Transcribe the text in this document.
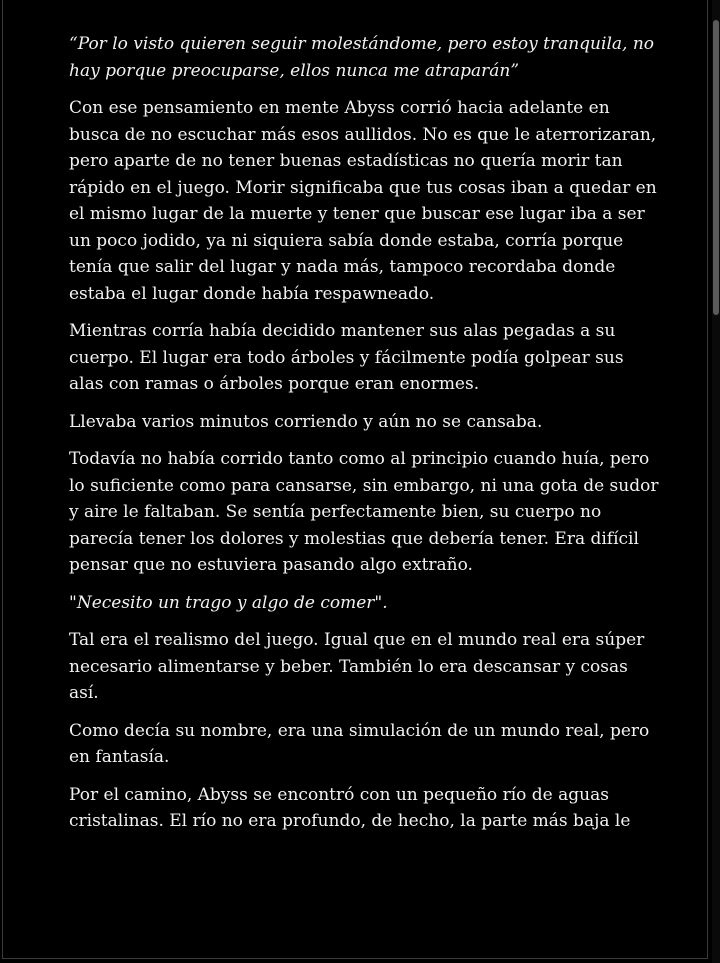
“Por lo visto quieren seguir molestándome, pero estoy tranquila, no hay porque preocuparse, ellos nunca me atraparán”

Con ese pensamiento en mente Abyss corrió hacia adelante en busca de no escuchar más esos aullidos. No es que le aterrorizaran, pero aparte de no tener buenas estadísticas no quería morir tan rápido en el juego. Morir significaba que tus cosas iban a quedar en el mismo lugar de la muerte y tener que buscar ese lugar iba a ser un poco jodido, ya ni siquiera sabía donde estaba, corría porque tenía que salir del lugar y nada más, tampoco recordaba donde estaba el lugar donde había respawneado.

Mientras corría había decidido mantener sus alas pegadas a su cuerpo. El lugar era todo árboles y fácilmente podía golpear sus alas con ramas o árboles porque eran enormes.

Llevaba varios minutos corriendo y aún no se cansaba.

Todavía no había corrido tanto como al principio cuando huía, pero lo suficiente como para cansarse, sin embargo, ni una gota de sudor y aire le faltaban. Se sentía perfectamente bien, su cuerpo no parecía tener los dolores y molestias que debería tener. Era difícil pensar que no estuviera pasando algo extraño.

"Necesito un trago y algo de comer".

Tal era el realismo del juego. Igual que en el mundo real era súper necesario alimentarse y beber. También lo era descansar y cosas así.

Como decía su nombre, era una simulación de un mundo real, pero en fantasía.

Por el camino, Abyss se encontró con un pequeño río de aguas cristalinas. El río no era profundo, de hecho, la parte más baja le
